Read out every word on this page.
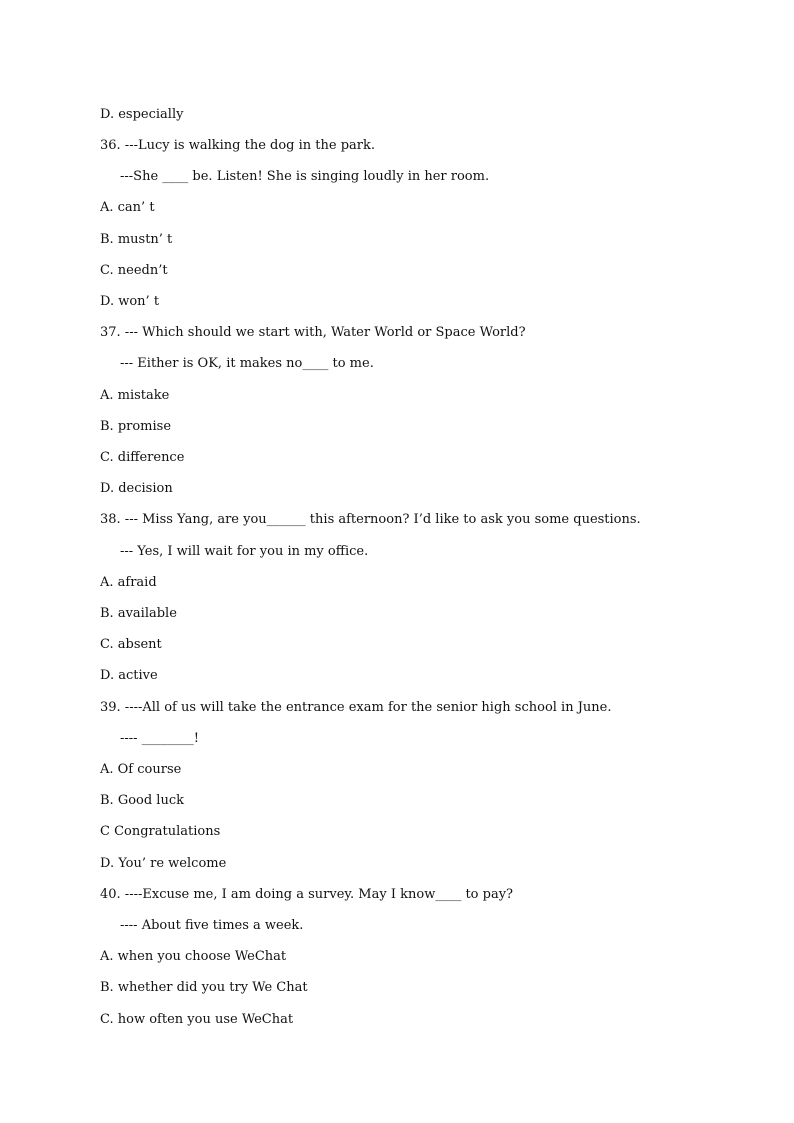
D. especially
36. ---Lucy is walking the dog in the park.
---She ____ be. Listen! She is singing loudly in her room.
A. can’ t
B. mustn’ t
C. needn’t
D. won’ t
37. --- Which should we start with, Water World or Space World?
--- Either is OK, it makes no____ to me.
A. mistake
B. promise
C. difference
D. decision
38. --- Miss Yang, are you______ this afternoon? I’d like to ask you some questions.
--- Yes, I will wait for you in my office.
A. afraid
B. available
C. absent
D. active
39. ----All of us will take the entrance exam for the senior high school in June.
---- ________!
A. Of course
B. Good luck
C Congratulations
D. You’ re welcome
40. ----Excuse me, I am doing a survey. May I know____ to pay?
---- About five times a week.
A. when you choose WeChat
B. whether did you try We Chat
C. how often you use WeChat
